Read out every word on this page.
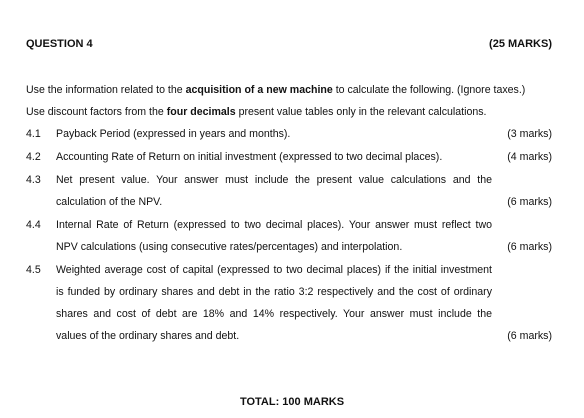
QUESTION 4	(25 MARKS)
Use the information related to the acquisition of a new machine to calculate the following. (Ignore taxes.)
Use discount factors from the four decimals present value tables only in the relevant calculations.
4.1 Payback Period (expressed in years and months).	(3 marks)
4.2 Accounting Rate of Return on initial investment (expressed to two decimal places).	(4 marks)
4.3 Net present value. Your answer must include the present value calculations and the
calculation of the NPV.	(6 marks)
4.4 Internal Rate of Return (expressed to two decimal places). Your answer must reflect two
NPV calculations (using consecutive rates/percentages) and interpolation.	(6 marks)
4.5 Weighted average cost of capital (expressed to two decimal places) if the initial investment
is funded by ordinary shares and debt in the ratio 3:2 respectively and the cost of ordinary
shares and cost of debt are 18% and 14% respectively. Your answer must include the
values of the ordinary shares and debt.	(6 marks)
TOTAL: 100 MARKS
